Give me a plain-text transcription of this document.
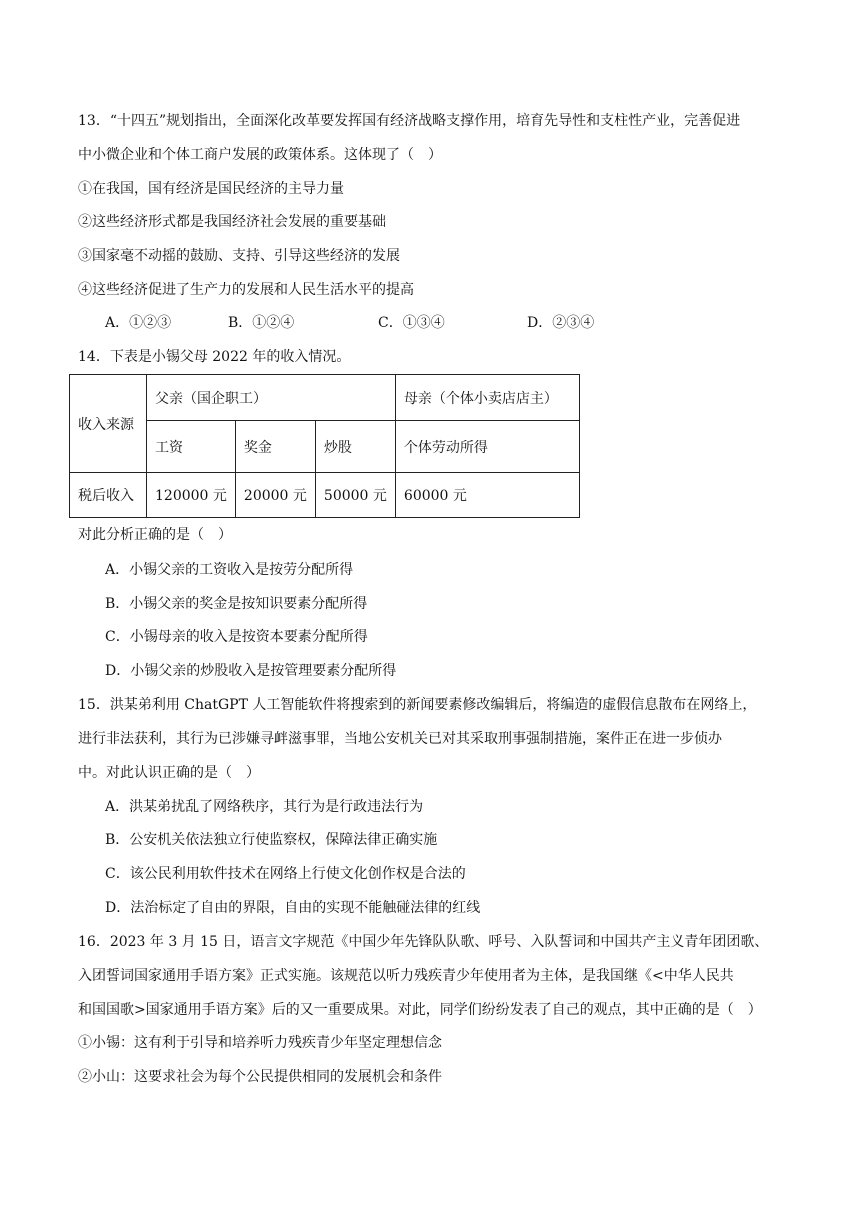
13．“十四五”规划指出，全面深化改革要发挥国有经济战略支撑作用，培育先导性和支柱性产业，完善促进
中小微企业和个体工商户发展的政策体系。这体现了（　）
①在我国，国有经济是国民经济的主导力量
②这些经济形式都是我国经济社会发展的重要基础
③国家毫不动摇的鼓励、支持、引导这些经济的发展
④这些经济促进了生产力的发展和人民生活水平的提高
A．①②③	B．①②④	C．①③④	D．②③④
14．下表是小锡父母 2022 年的收入情况。
收入来源	父亲（国企职工）			母亲（个体小卖店店主）
	工资	奖金	炒股	个体劳动所得
税后收入	120000 元	20000 元	50000 元	60000 元
对此分析正确的是（　）
A．小锡父亲的工资收入是按劳分配所得
B．小锡父亲的奖金是按知识要素分配所得
C．小锡母亲的收入是按资本要素分配所得
D．小锡父亲的炒股收入是按管理要素分配所得
15．洪某弟利用 ChatGPT 人工智能软件将搜索到的新闻要素修改编辑后，将编造的虚假信息散布在网络上，
进行非法获利，其行为已涉嫌寻衅滋事罪，当地公安机关已对其采取刑事强制措施，案件正在进一步侦办
中。对此认识正确的是（　）
A．洪某弟扰乱了网络秩序，其行为是行政违法行为
B．公安机关依法独立行使监察权，保障法律正确实施
C．该公民利用软件技术在网络上行使文化创作权是合法的
D．法治标定了自由的界限，自由的实现不能触碰法律的红线
16．2023 年 3 月 15 日，语言文字规范《中国少年先锋队队歌、呼号、入队誓词和中国共产主义青年团团歌、
入团誓词国家通用手语方案》正式实施。该规范以听力残疾青少年使用者为主体，是我国继《<中华人民共
和国国歌>国家通用手语方案》后的又一重要成果。对此，同学们纷纷发表了自己的观点，其中正确的是（　）
①小锡：这有利于引导和培养听力残疾青少年坚定理想信念
②小山：这要求社会为每个公民提供相同的发展机会和条件
